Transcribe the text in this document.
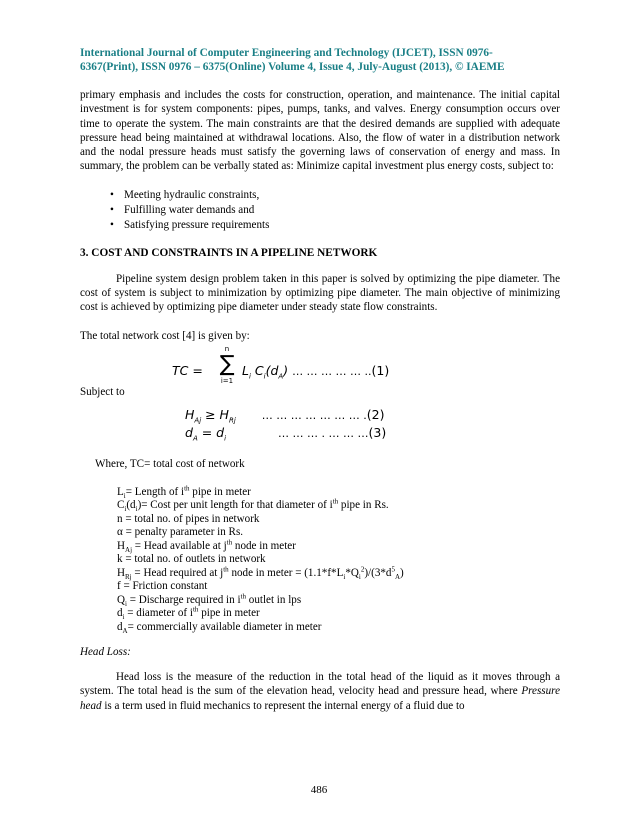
International Journal of Computer Engineering and Technology (IJCET), ISSN 0976-
6367(Print), ISSN 0976 – 6375(Online) Volume 4, Issue 4, July-August (2013), © IAEME

primary emphasis and includes the costs for construction, operation, and maintenance. The initial capital investment is for system components: pipes, pumps, tanks, and valves. Energy consumption occurs over time to operate the system. The main constraints are that the desired demands are supplied with adequate pressure head being maintained at withdrawal locations. Also, the flow of water in a distribution network and the nodal pressure heads must satisfy the governing laws of conservation of energy and mass. In summary, the problem can be verbally stated as: Minimize capital investment plus energy costs, subject to:

• Meeting hydraulic constraints,
• Fulfilling water demands and
• Satisfying pressure requirements
3. COST AND CONSTRAINTS IN A PIPELINE NETWORK

Pipeline system design problem taken in this paper is solved by optimizing the pipe diameter. The cost of system is subject to minimization by optimizing pipe diameter. The main objective of minimizing cost is achieved by optimizing pipe diameter under steady state flow constraints.

The total network cost [4] is given by:

TC =
n
∑
i=1
$L_i$ $C_i(d_A)$ … … … … … ..(1)

Subject to

$H_{Aj} \ge H_{Rj}$ … … … … … … … .(2)
$d_A = d_i$	… … … . … … …(3)

Where, TC= total cost of network

$L_i=$ Length of $i^{th}$ pipe in meter
$C_i(d_i)=$ Cost per unit length for that diameter of $i^{th}$ pipe in Rs.
n = total no. of pipes in network
α = penalty parameter in Rs.
$H_{Aj}$ = Head available at $j^{th}$ node in meter
k = total no. of outlets in network
$H_{Rj}$ = Head required at $j^{th}$ node in meter = $(1.1*f*L_i*Q_i^2)/(3*d^5_A)$
f = Friction constant
$Q_i$ = Discharge required in $i^{th}$ outlet in lps
$d_i$ = diameter of $i^{th}$ pipe in meter
$d_A=$ commercially available diameter in meter
Head Loss:

Head loss is the measure of the reduction in the total head of the liquid as it moves through a system. The total head is the sum of the elevation head, velocity head and pressure head, where Pressure head is a term used in fluid mechanics to represent the internal energy of a fluid due to

486
